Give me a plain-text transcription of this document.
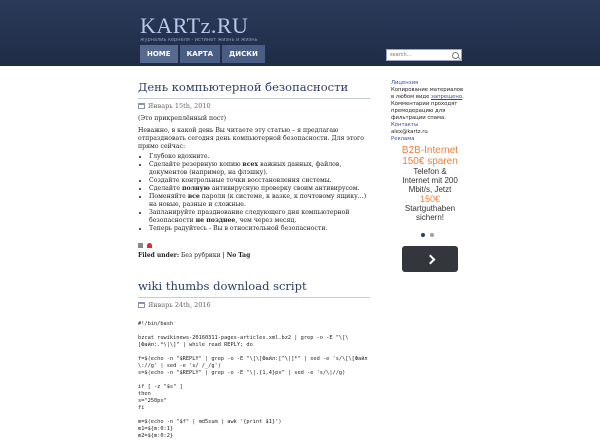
KARTz.RU
журналиь кернеля - истинет жизнь и жизнь
HOME	КАРТА	ДИСКИ
search...
День компьютерной безопасности
Январь 15th, 2010
(Это прикреплённый пост)
Неважно, в какой день Вы читаете эту статью – я предлагаю отпраздновать сегодня день компьютерной безопасности. Для этого прямо сейчас:
• Глубоко вдохните.
• Сделайте резервную копию всех важных данных, файлов, документов (например, на флэшку).
• Создайте контрольные точки восстановления системы.
• Сделайте полную антивирусную проверку своим антивирусом.
• Поменяйте все пароли (к системе, к вазке, к почтовому ящику...) на новые, разные и сложные.
• Запланируйте празднование следующего дня компьютерной безопасности не позднее, чем через месяц.
• Теперь радуйтесь - Вы в относительной безопасности.
Filed under: Без рубрики | No Tag
wiki thumbs download script
Январь 24th, 2016
#!/bin/bash

bzcat ruwikinews-20160311-pages-articles.xml.bz2 | grep -o -E "\[\
[Файл:.*\|\]" | while read REPLY; do

f=$(echo -n "$REPLY" | grep -o -E "\[\[Файл:[^\|]*" | sed -e 's/\[\[Файл
\://g' | sed -e 's/ /_/g')
s=$(echo -n "$REPLY" | grep -o -E "\|.{1,4}px" | sed -e 's/\|//g)

if [ -z "$s" ]
then
s="250px"
fi

m=$(echo -n "$f" | md5sum | awk '{print $1}')
m1=${m:0:1}
m2=${m:0:2}
Лицензия
Копирование материалов в любом виде запрещено.
Комментарии проходят премодерацию для фильтрации спама.
Контакты
alex@kartz.ru
Реклама
B2B-Internet
150€ sparen
Telefon &
Internet mit 200
Mbit/s, Jetzt
150€
Startguthaben
sichern!
